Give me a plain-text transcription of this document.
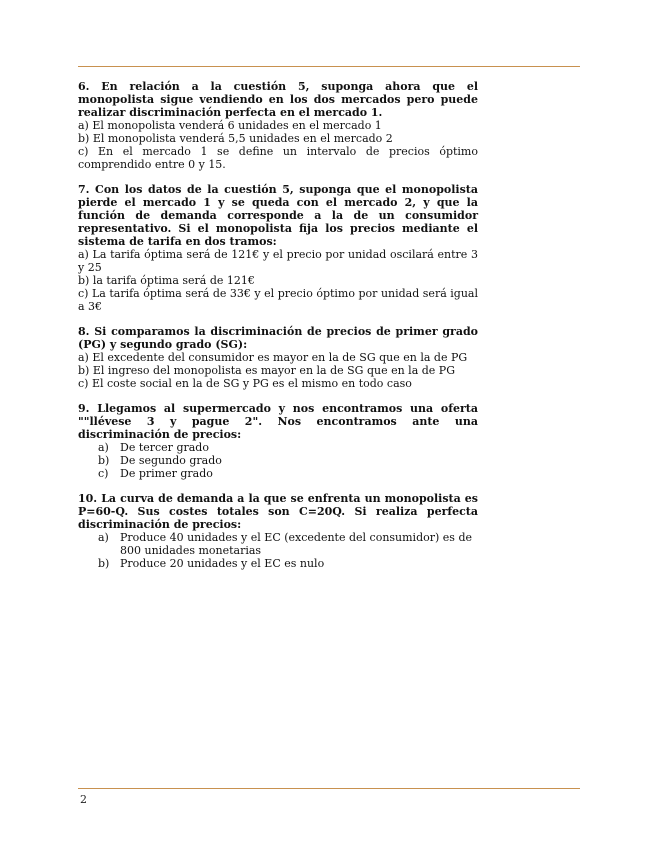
6. En relación a la cuestión 5, suponga ahora que el monopolista sigue vendiendo en los dos mercados pero puede realizar discriminación perfecta en el mercado 1.

a) El monopolista venderá 6 unidades en el mercado 1

b) El monopolista venderá 5,5 unidades en el mercado 2

c) En el mercado 1 se define un intervalo de precios óptimo comprendido entre 0 y 15.

7. Con los datos de la cuestión 5, suponga que el monopolista pierde el mercado 1 y se queda con el mercado 2, y que la función de demanda corresponde a la de un consumidor representativo. Si el monopolista fija los precios mediante el sistema de tarifa en dos tramos:

a) La tarifa óptima será de 121€ y el precio por unidad oscilará entre 3 y 25

b) la tarifa óptima será de 121€

c) La tarifa óptima será de 33€ y el precio óptimo por unidad será igual a 3€

8. Si comparamos la discriminación de precios de primer grado (PG) y segundo grado (SG):

a) El excedente del consumidor es mayor en la de SG que en la de PG

b) El ingreso del monopolista es mayor en la de SG que en la de PG

c) El coste social en la de SG y PG es el mismo en todo caso

9. Llegamos al supermercado y nos encontramos una oferta ""llévese 3 y pague 2". Nos encontramos ante una discriminación de precios:

a) De tercer grado
b) De segundo grado
c) De primer grado

10. La curva de demanda a la que se enfrenta un monopolista es P=60-Q. Sus costes totales son C=20Q. Si realiza perfecta discriminación de precios:

a) Produce 40 unidades y el EC (excedente del consumidor) es de 800 unidades monetarias
b) Produce 20 unidades y el EC es nulo
2
